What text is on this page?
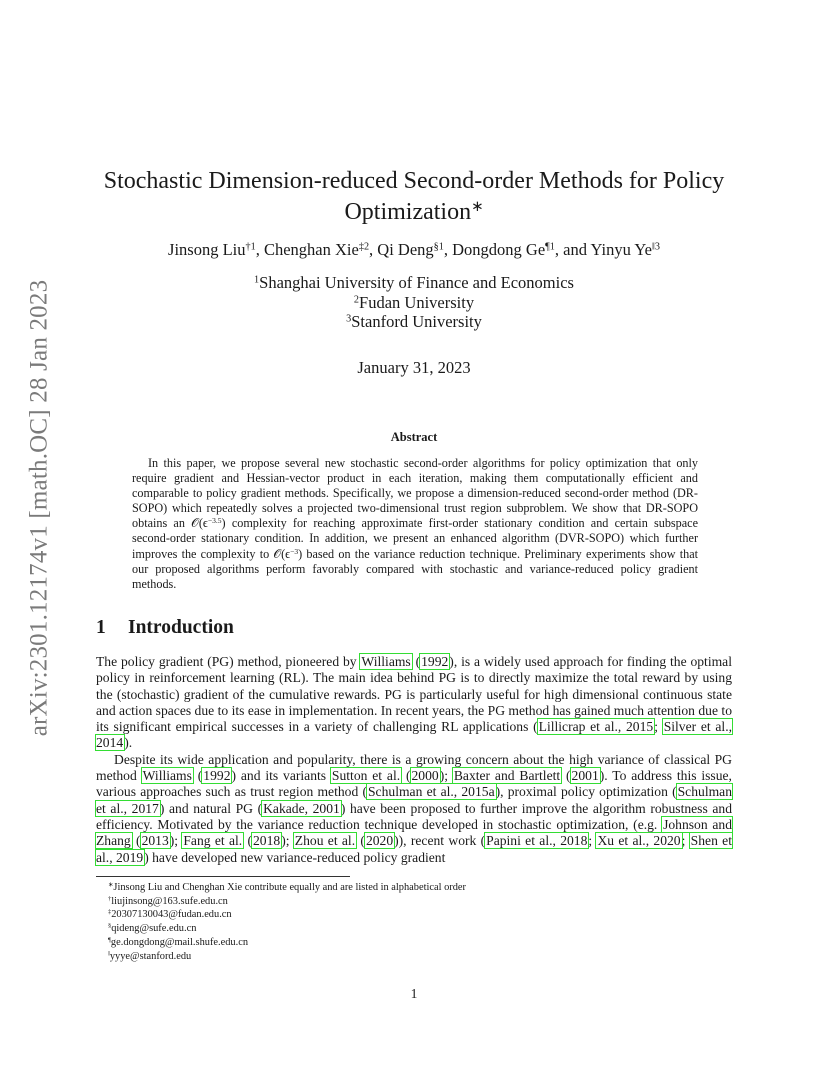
arXiv:2301.12174v1 [math.OC] 28 Jan 2023
Stochastic Dimension-reduced Second-order Methods for Policy
Optimization∗
Jinsong Liu$^{\dagger 1}$, Chenghan Xie$^{\ddagger 2}$, Qi Deng$^{\S 1}$, Dongdong Ge$^{\P 1}$, and Yinyu $Ye^{‖3}$
$^1$Shanghai University of Finance and Economics
$^2$Fudan University
$^3$Stanford University
January 31, 2023
Abstract
In this paper, we propose several new stochastic second-order algorithms for policy optimization that only require gradient and Hessian-vector product in each iteration, making them computationally efficient and comparable to policy gradient methods. Specifically, we propose a dimension-reduced second-order method (DR-SOPO) which repeatedly solves a projected two-dimensional trust region subproblem. We show that DR-SOPO obtains an $𝒪(\epsilon^{-3.5})$ complexity for reaching approximate first-order stationary condition and certain subspace second-order stationary condition. In addition, we present an enhanced algorithm (DVR-SOPO) which further improves the complexity to $𝒪(\epsilon^{-3})$ based on the variance reduction technique. Preliminary experiments show that our proposed algorithms perform favorably compared with stochastic and variance-reduced policy gradient methods.
1 Introduction

The policy gradient (PG) method, pioneered by Williams (1992), is a widely used approach for finding the optimal policy in reinforcement learning (RL). The main idea behind PG is to directly maximize the total reward by using the (stochastic) gradient of the cumulative rewards. PG is particularly useful for high dimensional continuous state and action spaces due to its ease in implementation. In recent years, the PG method has gained much attention due to its significant empirical successes in a variety of challenging RL applications (Lillicrap et al., 2015; Silver et al., 2014).

Despite its wide application and popularity, there is a growing concern about the high variance of classical PG method Williams (1992) and its variants Sutton et al. (2000); Baxter and Bartlett (2001). To address this issue, various approaches such as trust region method (Schulman et al., 2015a), proximal policy optimization (Schulman et al., 2017) and natural PG (Kakade, 2001) have been proposed to further improve the algorithm robustness and efficiency. Motivated by the variance reduction technique developed in stochastic optimization, (e.g. Johnson and Zhang (2013); Fang et al. (2018); Zhou et al. (2020)), recent work (Papini et al., 2018; Xu et al., 2020; Shen et al., 2019) have developed new variance-reduced policy gradient

∗Jinsong Liu and Chenghan Xie contribute equally and are listed in alphabetical order
†liujinsong@163.sufe.edu.cn
‡20307130043@fudan.edu.cn
§qideng@sufe.edu.cn
¶ge.dongdong@mail.shufe.edu.cn
‖yyye@stanford.edu
1
